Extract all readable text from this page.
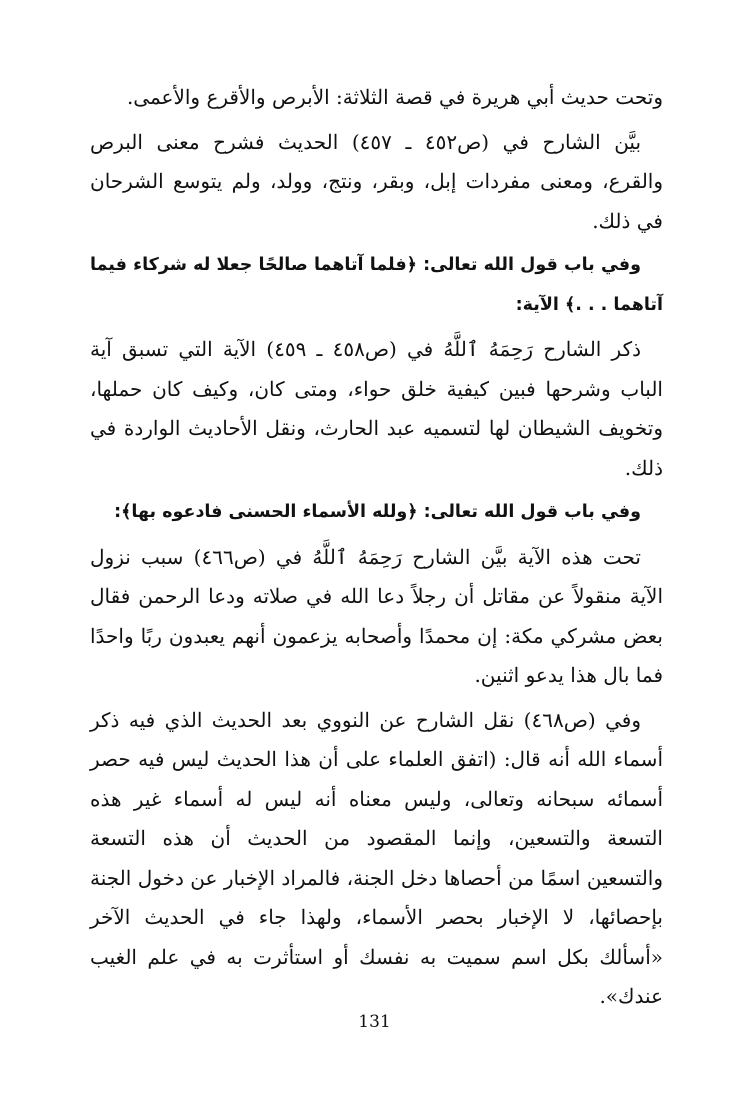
وتحت حديث أبي هريرة في قصة الثلاثة: الأبرص والأقرع والأعمى.

بيَّن الشارح في (ص٤٥٢ ـ ٤٥٧) الحديث فشرح معنى البرص والقرع، ومعنى مفردات إبل، وبقر، ونتج، وولد، ولم يتوسع الشرحان في ذلك.

وفي باب قول الله تعالى: ﴿فلما آتاهما صالحًا جعلا له شركاء فيما آتاهما . . .﴾ الآية:

ذكر الشارح رَحِمَهُ ٱللَّهُ في (ص٤٥٨ ـ ٤٥٩) الآية التي تسبق آية الباب وشرحها فبين كيفية خلق حواء، ومتى كان، وكيف كان حملها، وتخويف الشيطان لها لتسميه عبد الحارث، ونقل الأحاديث الواردة في ذلك.

وفي باب قول الله تعالى: ﴿ولله الأسماء الحسنى فادعوه بها﴾:

تحت هذه الآية بيَّن الشارح رَحِمَهُ ٱللَّهُ في (ص٤٦٦) سبب نزول الآية منقولاً عن مقاتل أن رجلاً دعا الله في صلاته ودعا الرحمن فقال بعض مشركي مكة: إن محمدًا وأصحابه يزعمون أنهم يعبدون ربًا واحدًا فما بال هذا يدعو اثنين.

وفي (ص٤٦٨) نقل الشارح عن النووي بعد الحديث الذي فيه ذكر أسماء الله أنه قال: (اتفق العلماء على أن هذا الحديث ليس فيه حصر أسمائه سبحانه وتعالى، وليس معناه أنه ليس له أسماء غير هذه التسعة والتسعين، وإنما المقصود من الحديث أن هذه التسعة والتسعين اسمًا من أحصاها دخل الجنة، فالمراد الإخبار عن دخول الجنة بإحصائها، لا الإخبار بحصر الأسماء، ولهذا جاء في الحديث الآخر «أسألك بكل اسم سميت به نفسك أو استأثرت به في علم الغيب عندك».

131
